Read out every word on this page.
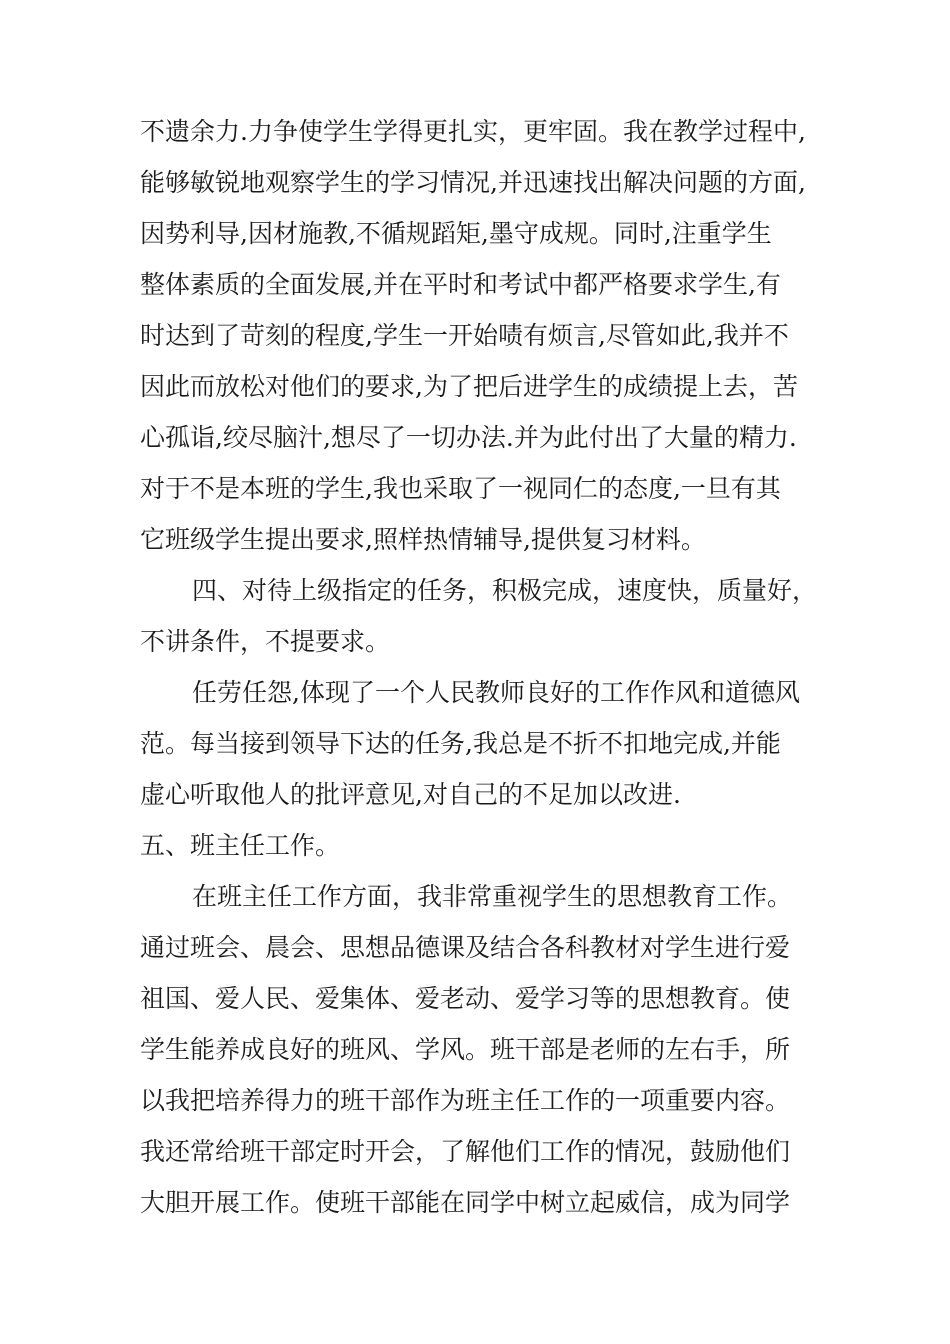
不遗余力.力争使学生学得更扎实，更牢固。我在教学过程中,
能够敏锐地观察学生的学习情况,并迅速找出解决问题的方面,
因势利导,因材施教,不循规蹈矩,墨守成规。同时,注重学生
整体素质的全面发展,并在平时和考试中都严格要求学生,有
时达到了苛刻的程度,学生一开始啧有烦言,尽管如此,我并不
因此而放松对他们的要求,为了把后进学生的成绩提上去，苦
心孤诣,绞尽脑汁,想尽了一切办法.并为此付出了大量的精力.
对于不是本班的学生,我也采取了一视同仁的态度,一旦有其
它班级学生提出要求,照样热情辅导,提供复习材料。
四、对待上级指定的任务，积极完成，速度快，质量好，
不讲条件，不提要求。
任劳任怨,体现了一个人民教师良好的工作作风和道德风
范。每当接到领导下达的任务,我总是不折不扣地完成,并能
虚心听取他人的批评意见,对自己的不足加以改进.
五、班主任工作。
在班主任工作方面，我非常重视学生的思想教育工作。
通过班会、晨会、思想品德课及结合各科教材对学生进行爱
祖国、爱人民、爱集体、爱老动、爱学习等的思想教育。使
学生能养成良好的班风、学风。班干部是老师的左右手，所
以我把培养得力的班干部作为班主任工作的一项重要内容。
我还常给班干部定时开会，了解他们工作的情况，鼓励他们
大胆开展工作。使班干部能在同学中树立起威信，成为同学
